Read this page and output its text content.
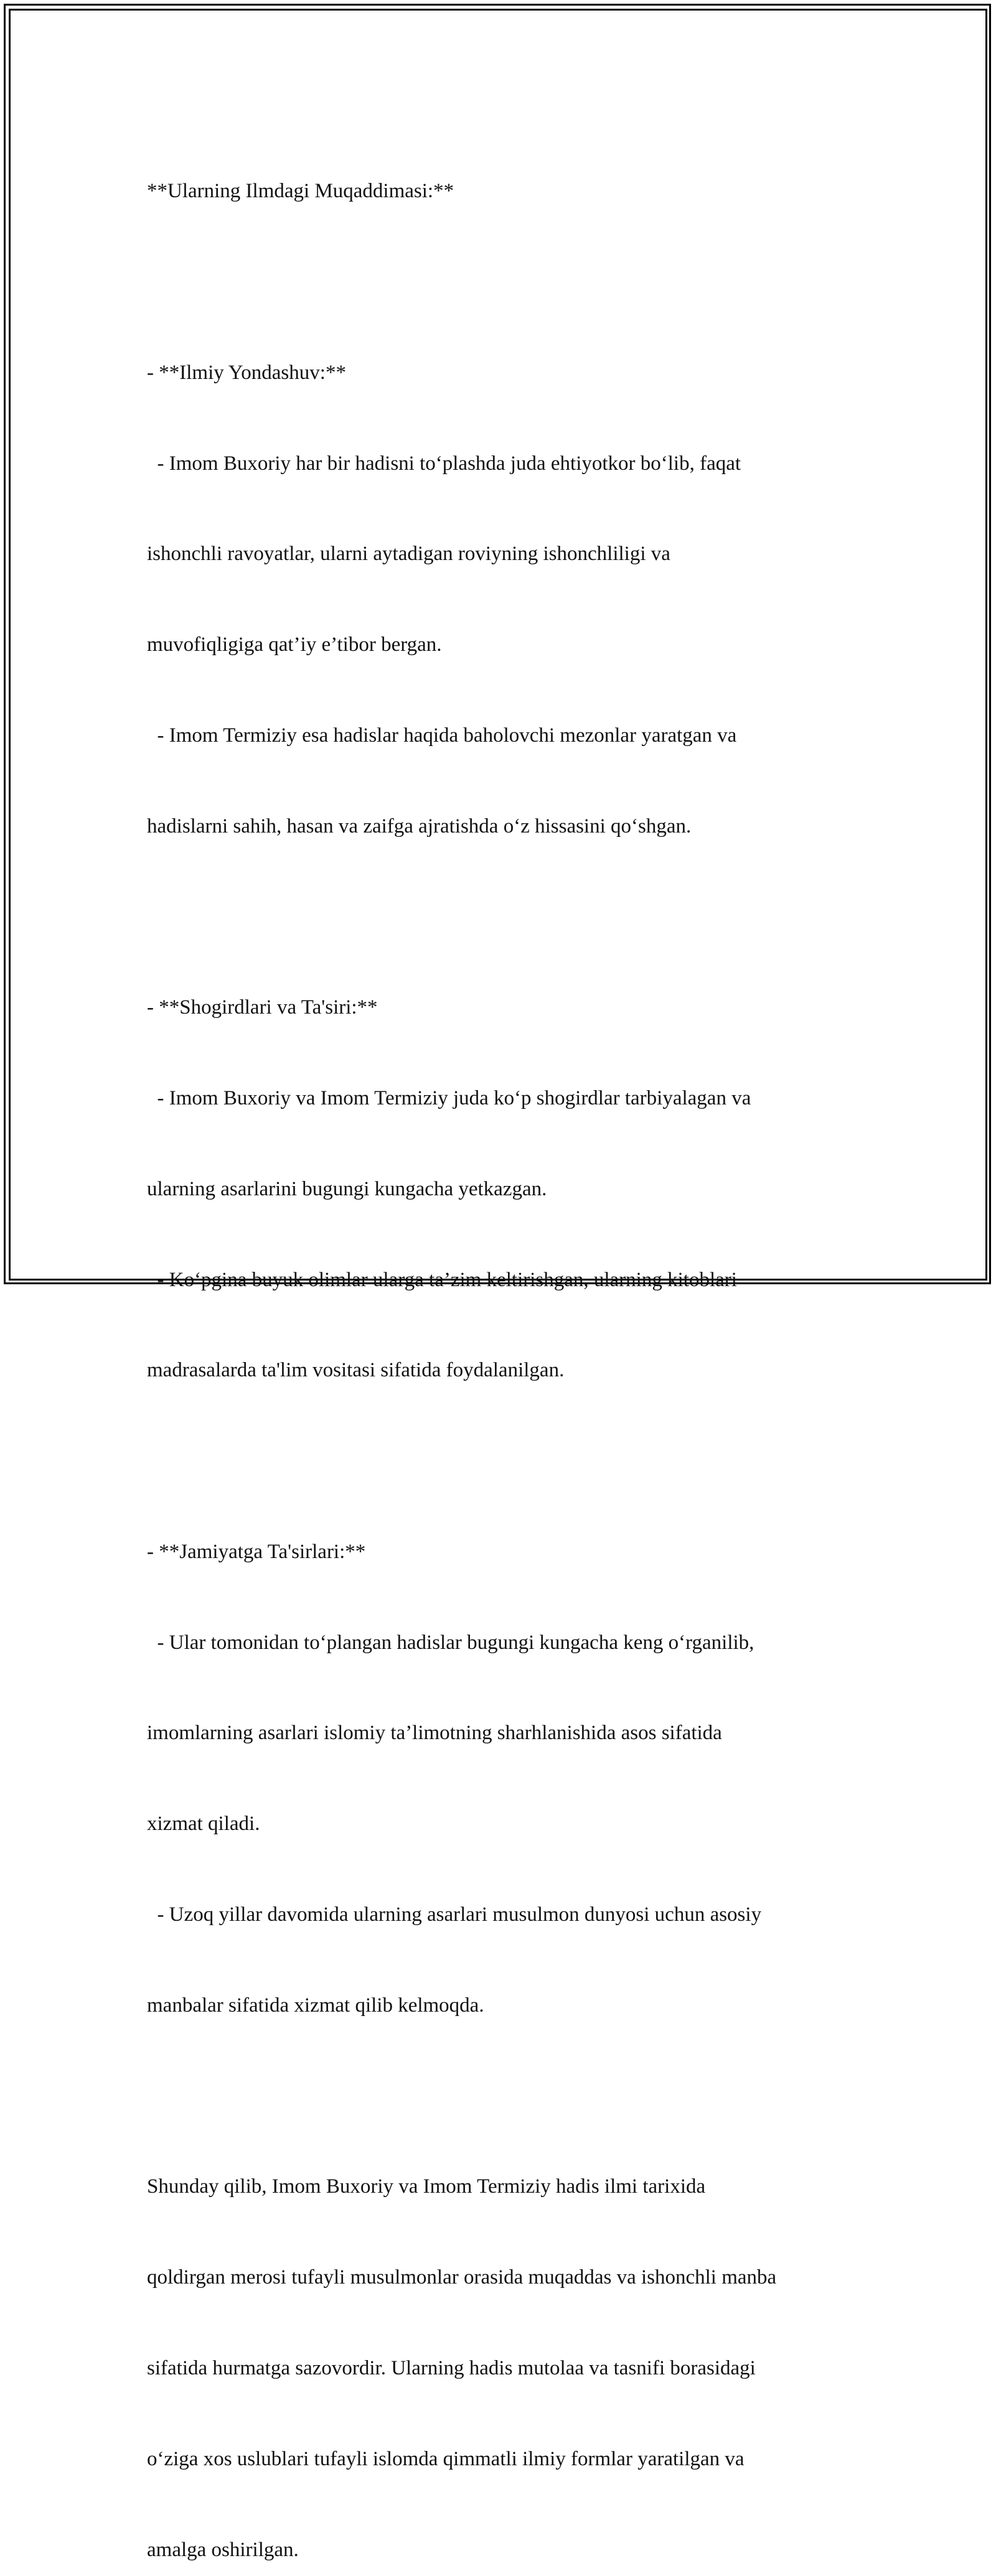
**Ularning Ilmdagi Muqaddimasi:**

- **Ilmiy Yondashuv:**

- Imom Buxoriy har bir hadisni to‘plashda juda ehtiyotkor bo‘lib, faqat

ishonchli ravoyatlar, ularni aytadigan roviyning ishonchliligi va

muvofiqligiga qat’iy e’tibor bergan.

- Imom Termiziy esa hadislar haqida baholovchi mezonlar yaratgan va

hadislarni sahih, hasan va zaifga ajratishda o‘z hissasini qo‘shgan.

- **Shogirdlari va Ta'siri:**

- Imom Buxoriy va Imom Termiziy juda ko‘p shogirdlar tarbiyalagan va

ularning asarlarini bugungi kungacha yetkazgan.

- Ko‘pgina buyuk olimlar ularga ta’zim keltirishgan, ularning kitoblari

madrasalarda ta'lim vositasi sifatida foydalanilgan.

- **Jamiyatga Ta'sirlari:**

- Ular tomonidan to‘plangan hadislar bugungi kungacha keng o‘rganilib,

imomlarning asarlari islomiy ta’limotning sharhlanishida asos sifatida

xizmat qiladi.

- Uzoq yillar davomida ularning asarlari musulmon dunyosi uchun asosiy

manbalar sifatida xizmat qilib kelmoqda.

Shunday qilib, Imom Buxoriy va Imom Termiziy hadis ilmi tarixida

qoldirgan merosi tufayli musulmonlar orasida muqaddas va ishonchli manba

sifatida hurmatga sazovordir. Ularning hadis mutolaa va tasnifi borasidagi

o‘ziga xos uslublari tufayli islomda qimmatli ilmiy formlar yaratilgan va

amalga oshirilgan.
